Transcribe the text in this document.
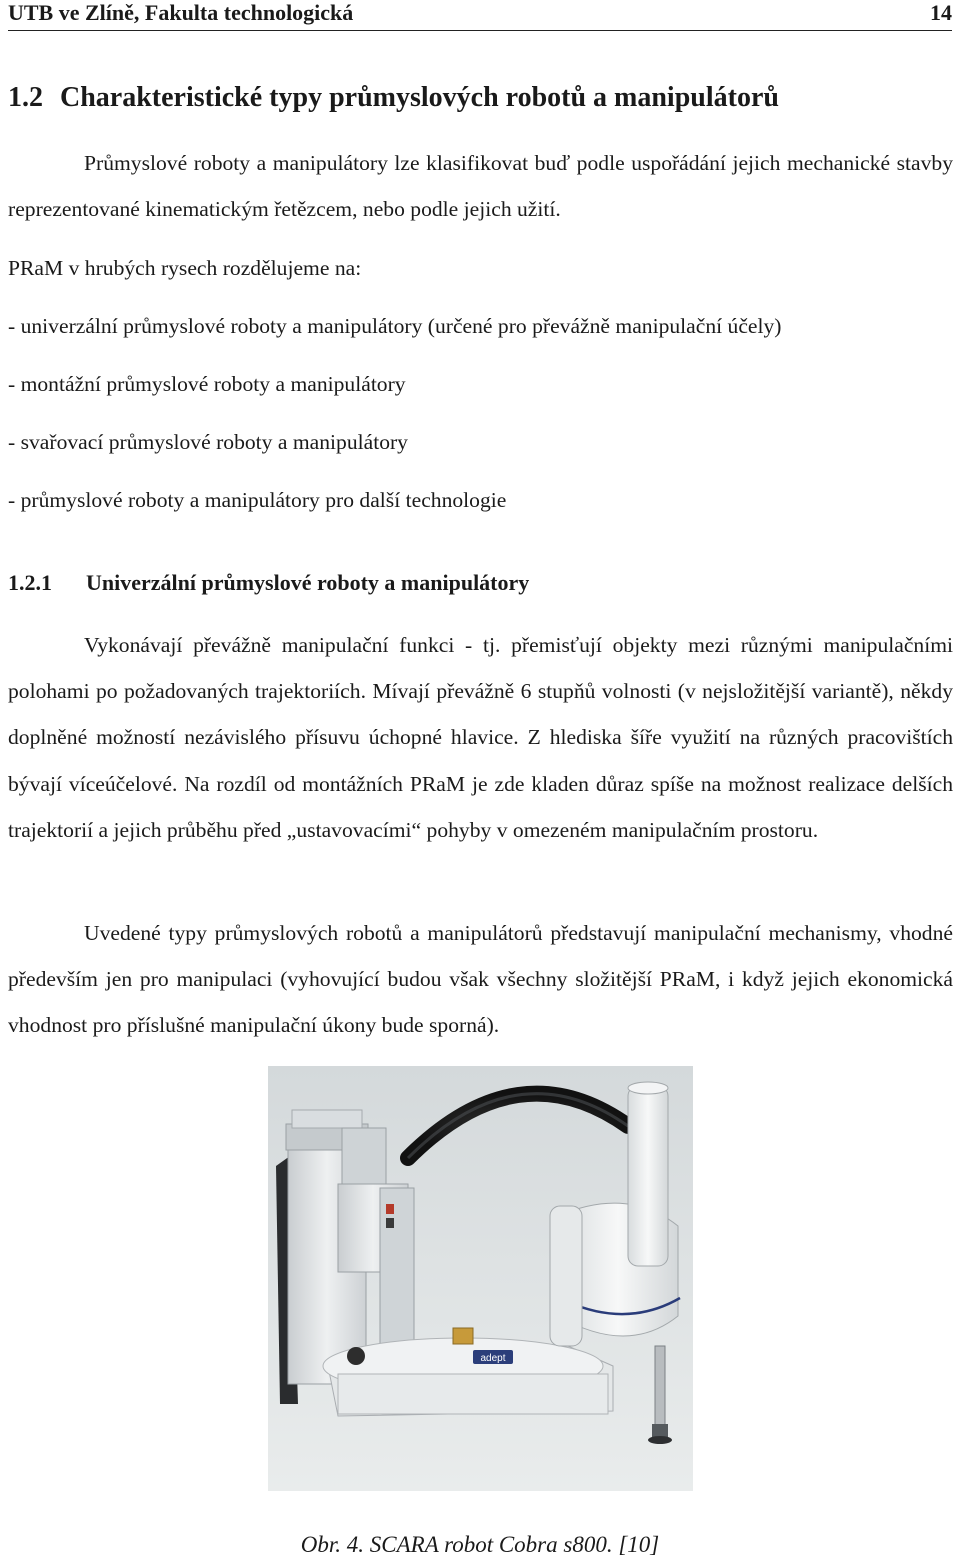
UTB ve Zlíně, Fakulta technologická	14
1.2 Charakteristické typy průmyslových robotů a manipulátorů

Průmyslové roboty a manipulátory lze klasifikovat buď podle uspořádání jejich mechanické stavby reprezentované kinematickým řetězcem, nebo podle jejich užití.

PRaM v hrubých rysech rozdělujeme na:
- univerzální průmyslové roboty a manipulátory (určené pro převážně manipulační účely)
- montážní průmyslové roboty a manipulátory
- svařovací průmyslové roboty a manipulátory
- průmyslové roboty a manipulátory pro další technologie
1.2.1 Univerzální průmyslové roboty a manipulátory

Vykonávají převážně manipulační funkci - tj. přemisťují objekty mezi různými manipulačními polohami po požadovaných trajektoriích. Mívají převážně 6 stupňů volnosti (v nejsložitější variantě), někdy doplněné možností nezávislého přísuvu úchopné hlavice. Z hlediska šíře využití na různých pracovištích bývají víceúčelové. Na rozdíl od montážních PRaM je zde kladen důraz spíše na možnost realizace delších trajektorií a jejich průběhu před „ustavovacími“ pohyby v omezeném manipulačním prostoru.

Uvedené typy průmyslových robotů a manipulátorů představují manipulační mechanismy, vhodné především jen pro manipulaci (vyhovující budou však všechny složitější PRaM, i když jejich ekonomická vhodnost pro příslušné manipulační úkony bude sporná).

adept
Obr. 4. SCARA robot Cobra s800. [10]
